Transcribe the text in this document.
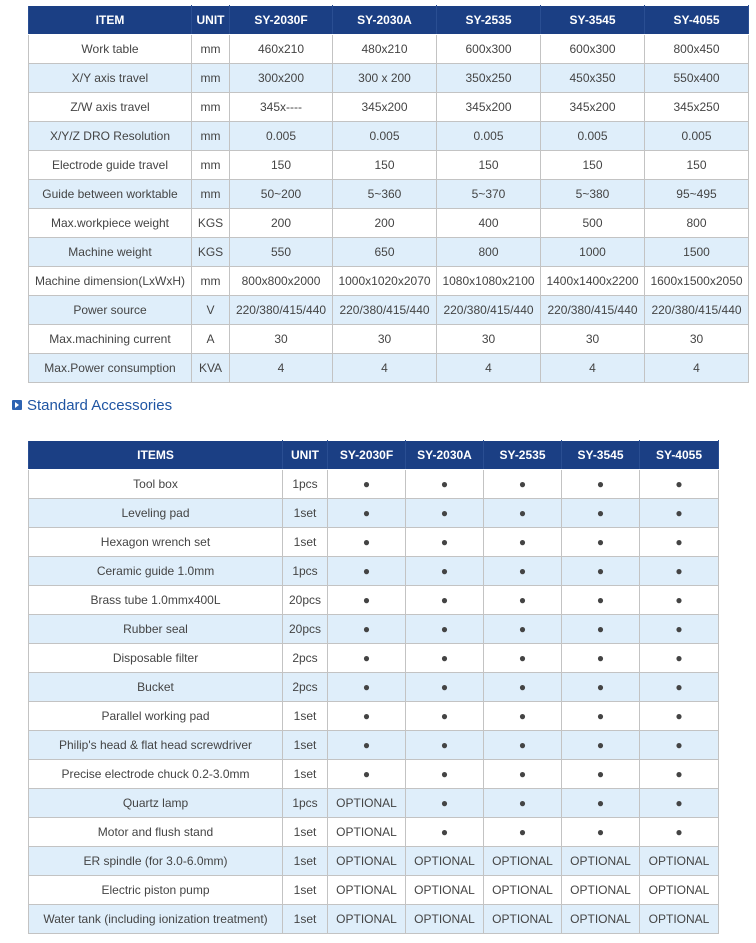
ITEM	UNIT	SY-2030F	SY-2030A	SY-2535	SY-3545	SY-4055
Work table	mm	460x210	480x210	600x300	600x300	800x450
X/Y axis travel	mm	300x200	300 x 200	350x250	450x350	550x400
Z/W axis travel	mm	345x----	345x200	345x200	345x200	345x250
X/Y/Z DRO Resolution	mm	0.005	0.005	0.005	0.005	0.005
Electrode guide travel	mm	150	150	150	150	150
Guide between worktable	mm	50~200	5~360	5~370	5~380	95~495
Max.workpiece weight	KGS	200	200	400	500	800
Machine weight	KGS	550	650	800	1000	1500
Machine dimension(LxWxH)	mm	800x800x2000	1000x1020x2070	1080x1080x2100	1400x1400x2200	1600x1500x2050
Power source	V	220/380/415/440	220/380/415/440	220/380/415/440	220/380/415/440	220/380/415/440
Max.machining current	A	30	30	30	30	30
Max.Power consumption	KVA	4	4	4	4	4
Standard Accessories
ITEMS	UNIT	SY-2030F	SY-2030A	SY-2535	SY-3545	SY-4055
Tool box	1pcs	●	●	●	●	●
Leveling pad	1set	●	●	●	●	●
Hexagon wrench set	1set	●	●	●	●	●
Ceramic guide 1.0mm	1pcs	●	●	●	●	●
Brass tube 1.0mmx400L	20pcs	●	●	●	●	●
Rubber seal	20pcs	●	●	●	●	●
Disposable filter	2pcs	●	●	●	●	●
Bucket	2pcs	●	●	●	●	●
Parallel working pad	1set	●	●	●	●	●
Philip's head & flat head screwdriver	1set	●	●	●	●	●
Precise electrode chuck 0.2-3.0mm	1set	●	●	●	●	●
Quartz lamp	1pcs	OPTIONAL	●	●	●	●
Motor and flush stand	1set	OPTIONAL	●	●	●	●
ER spindle (for 3.0-6.0mm)	1set	OPTIONAL	OPTIONAL	OPTIONAL	OPTIONAL	OPTIONAL
Electric piston pump	1set	OPTIONAL	OPTIONAL	OPTIONAL	OPTIONAL	OPTIONAL
Water tank (including ionization treatment)	1set	OPTIONAL	OPTIONAL	OPTIONAL	OPTIONAL	OPTIONAL
